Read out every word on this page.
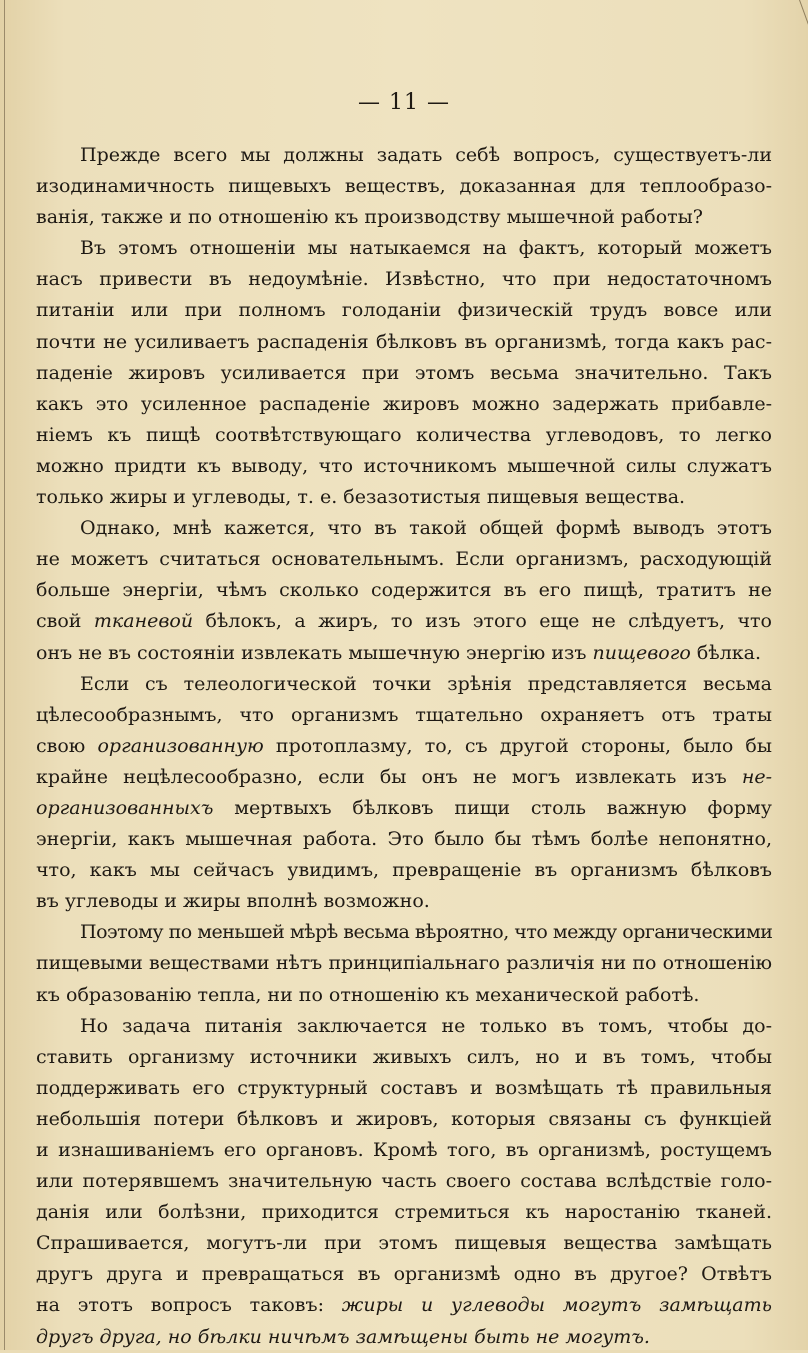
— 11 —
Прежде всего мы должны задать себѣ вопросъ, существуетъ-ли
изодинамичность пищевыхъ веществъ, доказанная для теплообразо-
ванія, также и по отношенію къ производству мышечной работы?
Въ этомъ отношеніи мы натыкаемся на фактъ, который можетъ
насъ привести въ недоумѣніе. Извѣстно, что при недостаточномъ
питаніи или при полномъ голоданіи физическій трудъ вовсе или
почти не усиливаетъ распаденія бѣлковъ въ организмѣ, тогда какъ рас-
паденіе жировъ усиливается при этомъ весьма значительно. Такъ
какъ это усиленное распаденіе жировъ можно задержать прибавле-
ніемъ къ пищѣ соотвѣтствующаго количества углеводовъ, то легко
можно придти къ выводу, что источникомъ мышечной силы служатъ
только жиры и углеводы, т. е. безазотистыя пищевыя вещества.
Однако, мнѣ кажется, что въ такой общей формѣ выводъ этотъ
не можетъ считаться основательнымъ. Если организмъ, расходующій
больше энергіи, чѣмъ сколько содержится въ его пищѣ, тратитъ не
свой тканевой бѣлокъ, а жиръ, то изъ этого еще не слѣдуетъ, что
онъ не въ состояніи извлекать мышечную энергію изъ пищевого бѣлка.
Если съ телеологической точки зрѣнія представляется весьма
цѣлесообразнымъ, что организмъ тщательно охраняетъ отъ траты
свою организованную протоплазму, то, съ другой стороны, было бы
крайне нецѣлесообразно, если бы онъ не могъ извлекать изъ не-
организованныхъ мертвыхъ бѣлковъ пищи столь важную форму
энергіи, какъ мышечная работа. Это было бы тѣмъ болѣе непонятно,
что, какъ мы сейчасъ увидимъ, превращеніе въ организмъ бѣлковъ
въ углеводы и жиры вполнѣ возможно.
Поэтому по меньшей мѣрѣ весьма вѣроятно, что между органическими
пищевыми веществами нѣтъ принципіальнаго различія ни по отношенію
къ образованію тепла, ни по отношенію къ механической работѣ.
Но задача питанія заключается не только въ томъ, чтобы до-
ставить организму источники живыхъ силъ, но и въ томъ, чтобы
поддерживать его структурный составъ и возмѣщать тѣ правильныя
небольшія потери бѣлковъ и жировъ, которыя связаны съ функціей
и изнашиваніемъ его органовъ. Кромѣ того, въ организмѣ, ростущемъ
или потерявшемъ значительную часть своего состава вслѣдствіе голо-
данія или болѣзни, приходится стремиться къ наростанію тканей.
Спрашивается, могутъ-ли при этомъ пищевыя вещества замѣщать
другъ друга и превращаться въ организмѣ одно въ другое? Отвѣтъ
на этотъ вопросъ таковъ: жиры и углеводы могутъ замѣщать
другъ друга, но бѣлки ничѣмъ замѣщены быть не могутъ.
